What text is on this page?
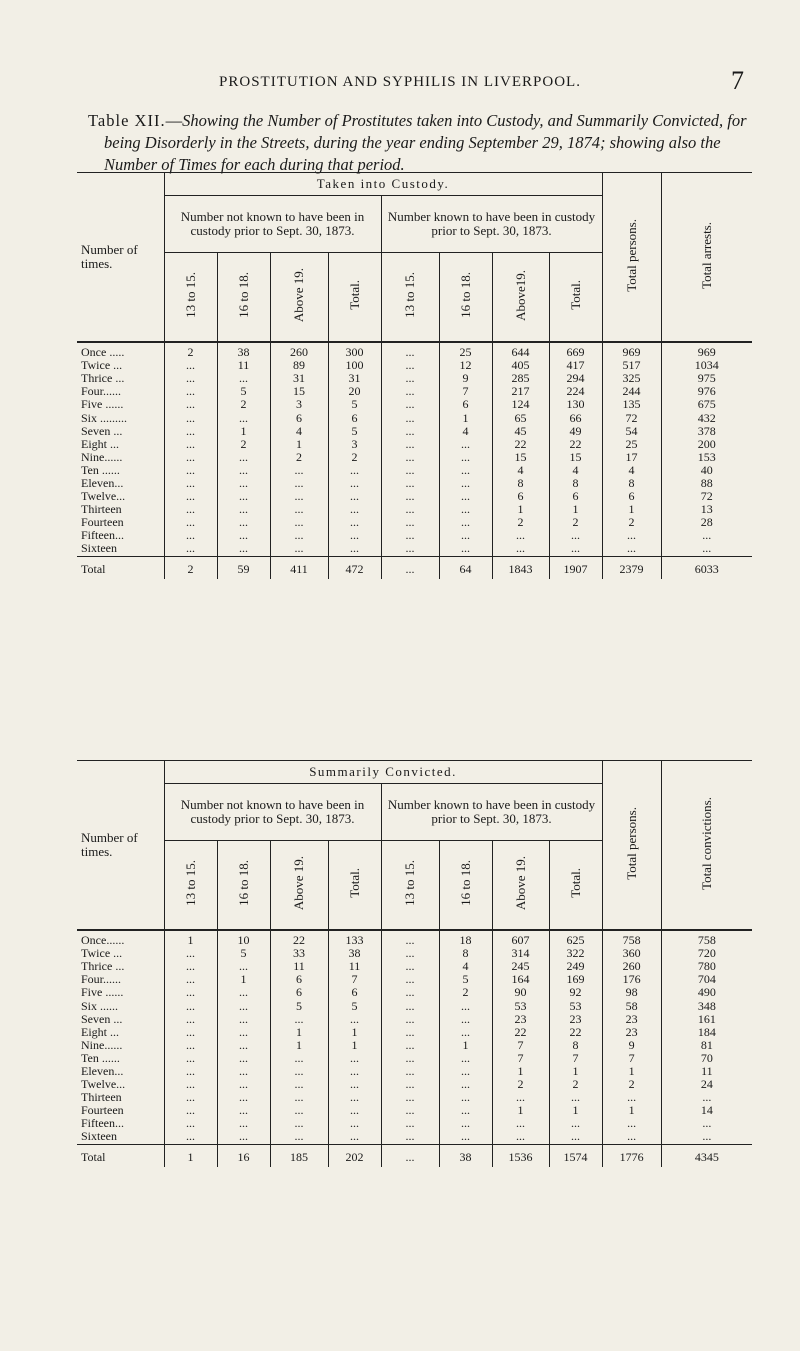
PROSTITUTION AND SYPHILIS IN LIVERPOOL.	7
Table XII.—Showing the Number of Prostitutes taken into Custody, and Summarily Convicted, for being Disorderly in the Streets, during the year ending September 29, 1874; showing also the Number of Times for each during that period.
Number of times.	Taken into Custody.								Total persons.	Total arrests.
	Number not known to have been in custody prior to Sept. 30, 1873.				Number known to have been in custody prior to Sept. 30, 1873.					
	13 to 15.	16 to 18.	Above 19.	Total.	13 to 15.	16 to 18.	Above19.	Total.		
Once .....	2	38	260	300	...	25	644	669	969	969
Twice ...	...	11	89	100	...	12	405	417	517	1034
Thrice ...	...	...	31	31	...	9	285	294	325	975
Four......	...	5	15	20	...	7	217	224	244	976
Five ......	...	2	3	5	...	6	124	130	135	675
Six .........	...	...	6	6	...	1	65	66	72	432
Seven ...	...	1	4	5	...	4	45	49	54	378
Eight ...	...	2	1	3	...	...	22	22	25	200
Nine......	...	...	2	2	...	...	15	15	17	153
Ten ......	...	...	...	...	...	...	4	4	4	40
Eleven...	...	...	...	...	...	...	8	8	8	88
Twelve...	...	...	...	...	...	...	6	6	6	72
Thirteen	...	...	...	...	...	...	1	1	1	13
Fourteen	...	...	...	...	...	...	2	2	2	28
Fifteen...	...	...	...	...	...	...	...	...	...	...
Sixteen	...	...	...	...	...	...	...	...	...	...
Total	2	59	411	472	...	64	1843	1907	2379	6033
Number of times.	Summarily Convicted.								Total persons.	Total convictions.
	Number not known to have been in custody prior to Sept. 30, 1873.				Number known to have been in custody prior to Sept. 30, 1873.					
	13 to 15.	16 to 18.	Above 19.	Total.	13 to 15.	16 to 18.	Above 19.	Total.		
Once......	1	10	22	133	...	18	607	625	758	758
Twice ...	...	5	33	38	...	8	314	322	360	720
Thrice ...	...	...	11	11	...	4	245	249	260	780
Four......	...	1	6	7	...	5	164	169	176	704
Five ......	...	...	6	6	...	2	90	92	98	490
Six ......	...	...	5	5	...	...	53	53	58	348
Seven ...	...	...	...	...	...	...	23	23	23	161
Eight ...	...	...	1	1	...	...	22	22	23	184
Nine......	...	...	1	1	...	1	7	8	9	81
Ten ......	...	...	...	...	...	...	7	7	7	70
Eleven...	...	...	...	...	...	...	1	1	1	11
Twelve...	...	...	...	...	...	...	2	2	2	24
Thirteen	...	...	...	...	...	...	...	...	...	...
Fourteen	...	...	...	...	...	...	1	1	1	14
Fifteen...	...	...	...	...	...	...	...	...	...	...
Sixteen	...	...	...	...	...	...	...	...	...	...
Total	1	16	185	202	...	38	1536	1574	1776	4345
